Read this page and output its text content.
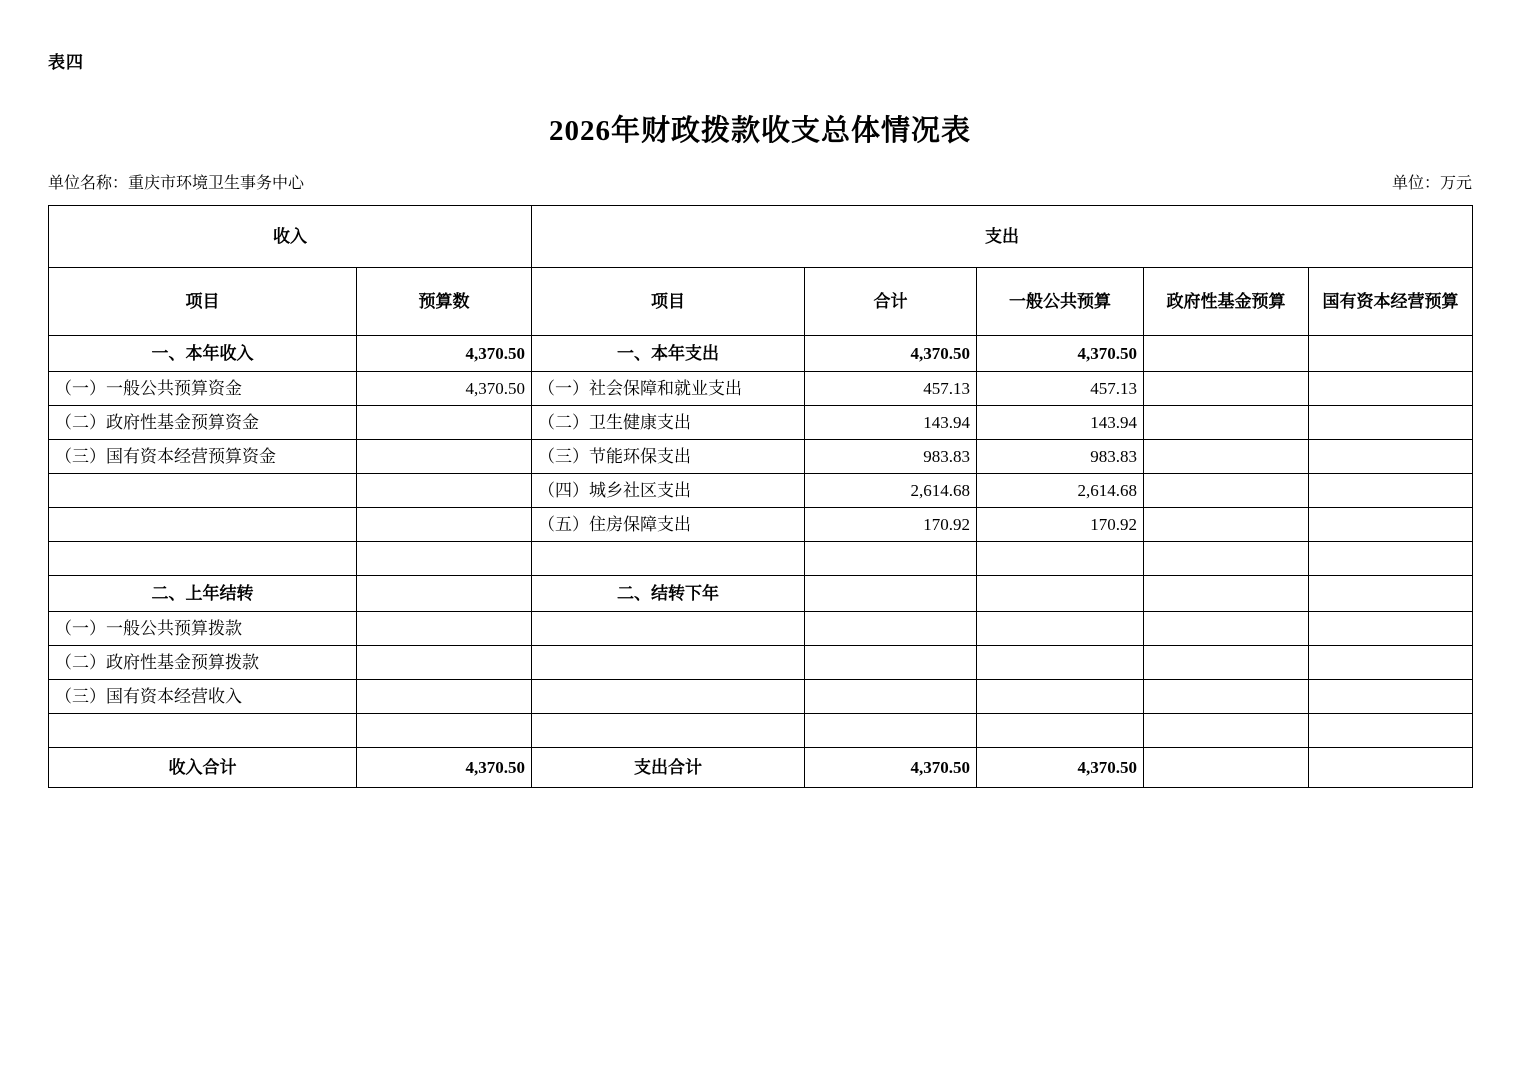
表四
2026年财政拨款收支总体情况表
单位名称：重庆市环境卫生事务中心	单位：万元
收入		支出				
项目	预算数	项目	合计	一般公共预算	政府性基金预算	国有资本经营预算
一、本年收入	4,370.50	一、本年支出	4,370.50	4,370.50		
（一）一般公共预算资金	4,370.50	（一）社会保障和就业支出	457.13	457.13		
（二）政府性基金预算资金		（二）卫生健康支出	143.94	143.94		
（三）国有资本经营预算资金		（三）节能环保支出	983.83	983.83		
		（四）城乡社区支出	2,614.68	2,614.68		
		（五）住房保障支出	170.92	170.92		

二、上年结转		二、结转下年				
（一）一般公共预算拨款						
（二）政府性基金预算拨款						
（三）国有资本经营收入						

收入合计	4,370.50	支出合计	4,370.50	4,370.50		
